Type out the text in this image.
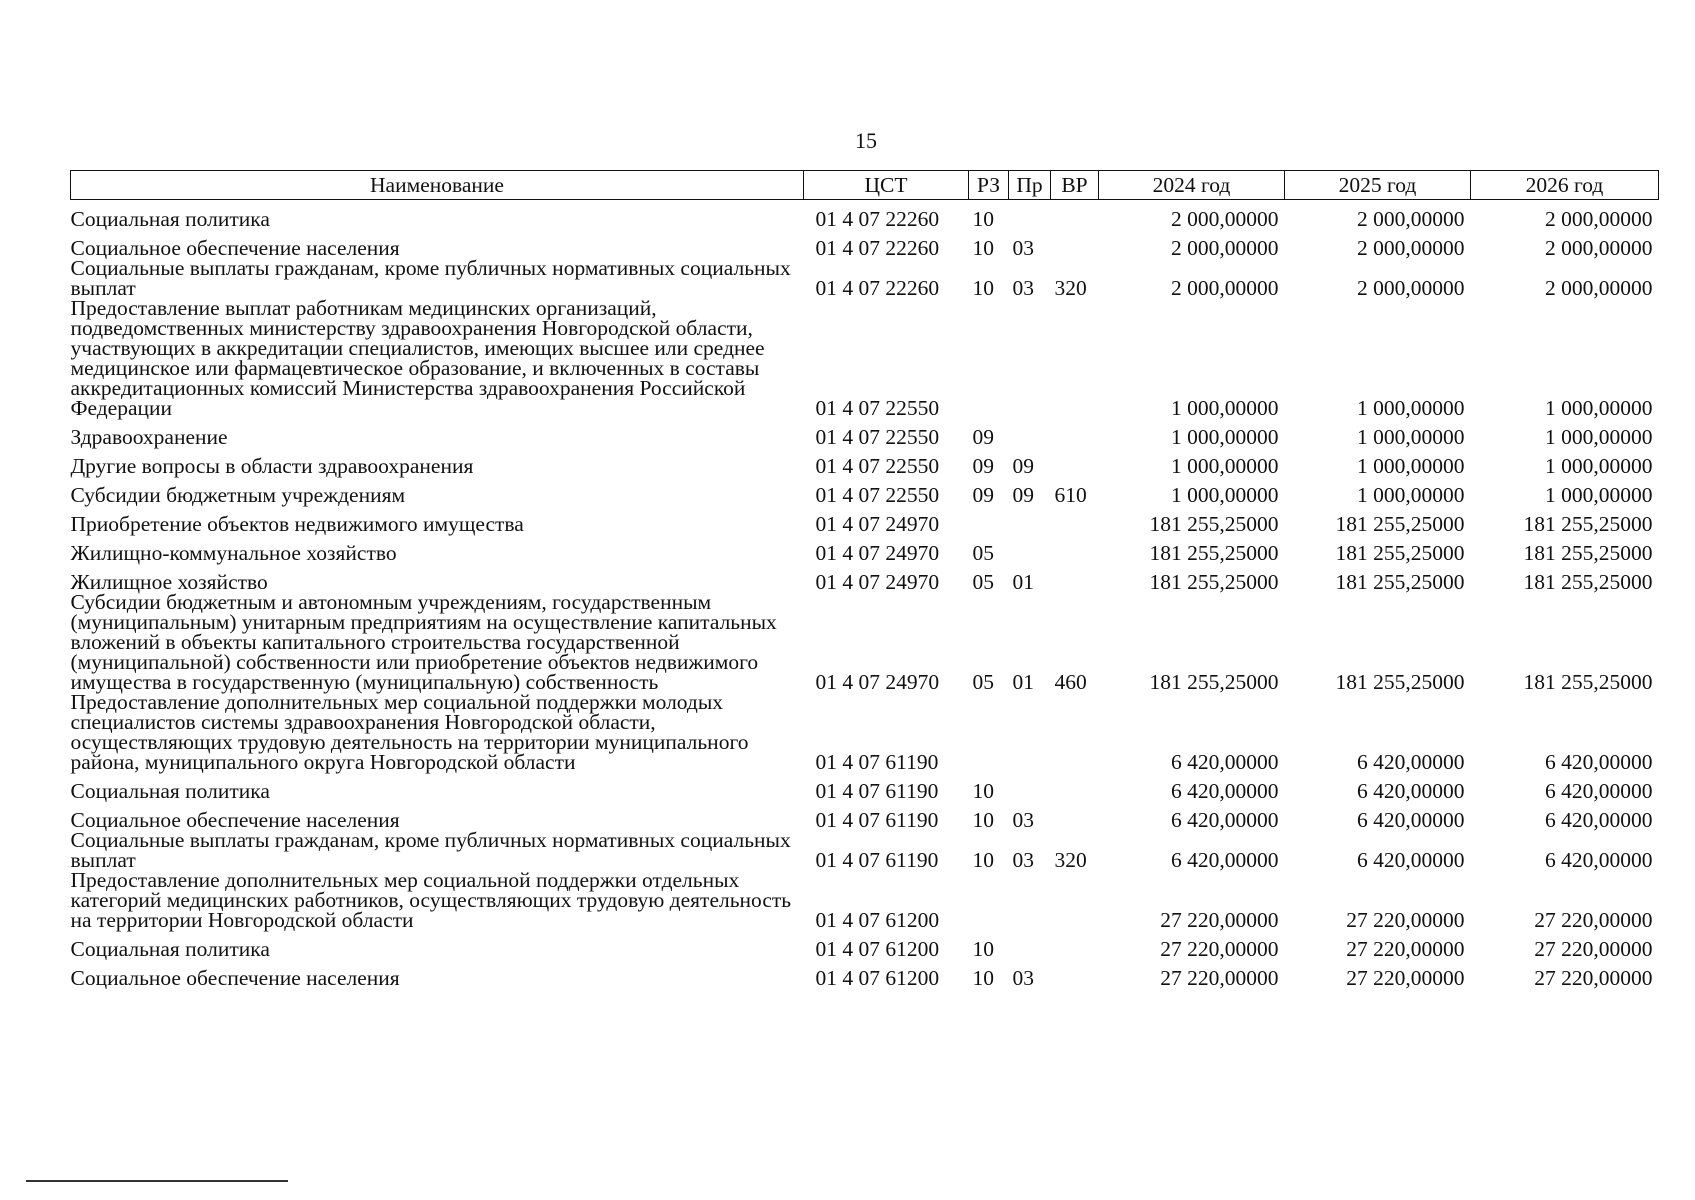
15
Наименование	ЦСТ	РЗ	Пр	ВР	2024 год	2025 год	2026 год
Социальная политика	01 4 07 22260	10			2 000,00000	2 000,00000	2 000,00000
Социальное обеспечение населения	01 4 07 22260	10	03		2 000,00000	2 000,00000	2 000,00000
Социальные выплаты гражданам, кроме публичных нормативных социальных выплат	01 4 07 22260	10	03	320	2 000,00000	2 000,00000	2 000,00000
Предоставление выплат работникам медицинских организаций, подведомственных министерству здравоохранения Новгородской области, участвующих в аккредитации специалистов, имеющих высшее или среднее медицинское или фармацевтическое образование, и включенных в составы аккредитационных комиссий Министерства здравоохранения Российской Федерации	01 4 07 22550				1 000,00000	1 000,00000	1 000,00000
Здравоохранение	01 4 07 22550	09			1 000,00000	1 000,00000	1 000,00000
Другие вопросы в области здравоохранения	01 4 07 22550	09	09		1 000,00000	1 000,00000	1 000,00000
Субсидии бюджетным учреждениям	01 4 07 22550	09	09	610	1 000,00000	1 000,00000	1 000,00000
Приобретение объектов недвижимого имущества	01 4 07 24970				181 255,25000	181 255,25000	181 255,25000
Жилищно-коммунальное хозяйство	01 4 07 24970	05			181 255,25000	181 255,25000	181 255,25000
Жилищное хозяйство	01 4 07 24970	05	01		181 255,25000	181 255,25000	181 255,25000
Субсидии бюджетным и автономным учреждениям, государственным (муниципальным) унитарным предприятиям на осуществление капитальных вложений в объекты капитального строительства государственной (муниципальной) собственности или приобретение объектов недвижимого имущества в государственную (муниципальную) собственность	01 4 07 24970	05	01	460	181 255,25000	181 255,25000	181 255,25000
Предоставление дополнительных мер социальной поддержки молодых специалистов системы здравоохранения Новгородской области, осуществляющих трудовую деятельность на территории муниципального района, муниципального округа Новгородской области	01 4 07 61190				6 420,00000	6 420,00000	6 420,00000
Социальная политика	01 4 07 61190	10			6 420,00000	6 420,00000	6 420,00000
Социальное обеспечение населения	01 4 07 61190	10	03		6 420,00000	6 420,00000	6 420,00000
Социальные выплаты гражданам, кроме публичных нормативных социальных выплат	01 4 07 61190	10	03	320	6 420,00000	6 420,00000	6 420,00000
Предоставление дополнительных мер социальной поддержки отдельных категорий медицинских работников, осуществляющих трудовую деятельность на территории Новгородской области	01 4 07 61200				27 220,00000	27 220,00000	27 220,00000
Социальная политика	01 4 07 61200	10			27 220,00000	27 220,00000	27 220,00000
Социальное обеспечение населения	01 4 07 61200	10	03		27 220,00000	27 220,00000	27 220,00000
